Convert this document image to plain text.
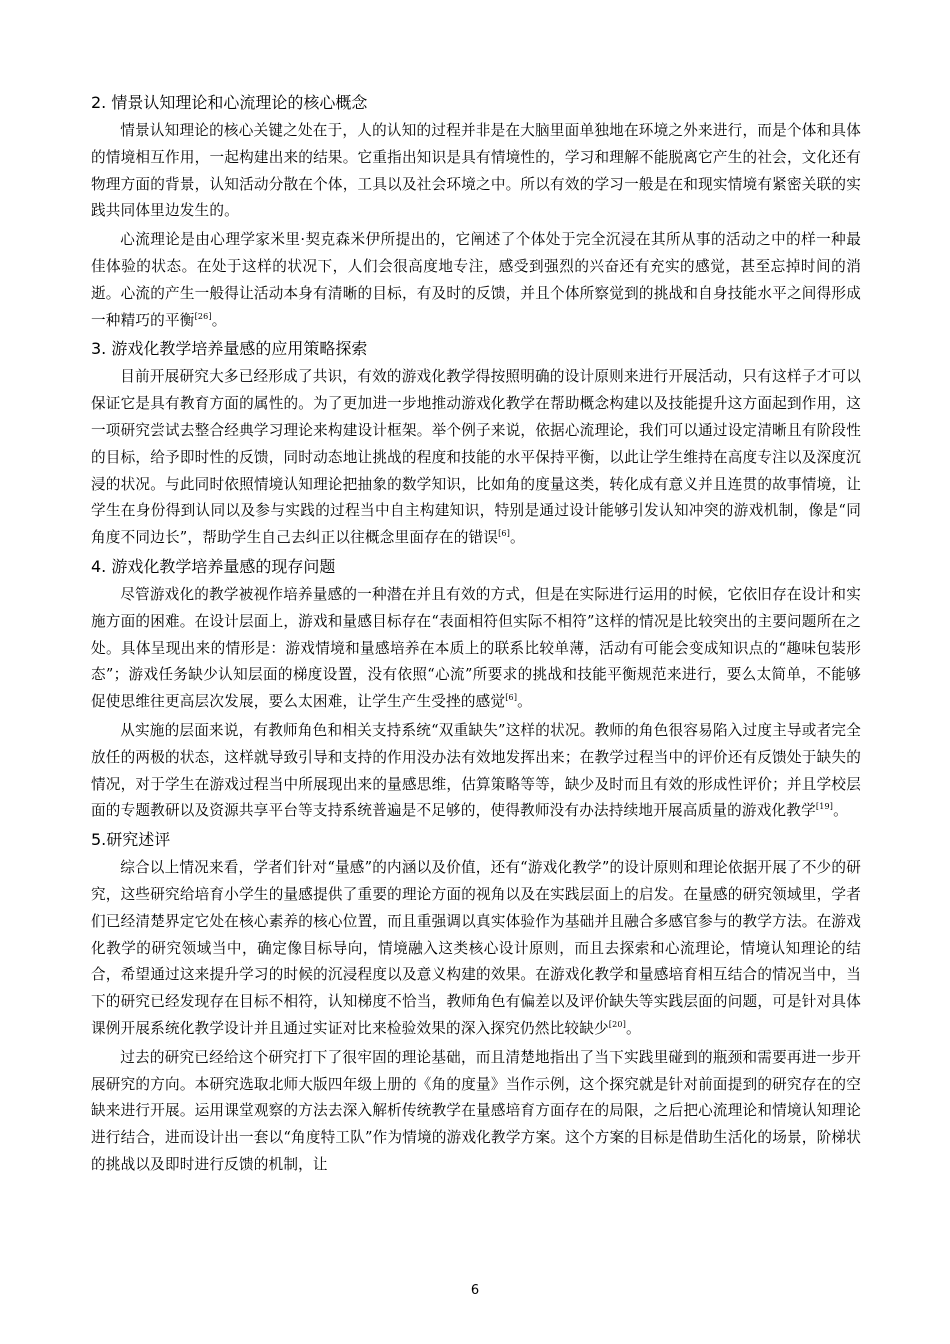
2. 情景认知理论和心流理论的核心概念

情景认知理论的核心关键之处在于，人的认知的过程并非是在大脑里面单独地在环境之外来进行，而是个体和具体的情境相互作用，一起构建出来的结果。它重指出知识是具有情境性的，学习和理解不能脱离它产生的社会，文化还有物理方面的背景，认知活动分散在个体，工具以及社会环境之中。所以有效的学习一般是在和现实情境有紧密关联的实践共同体里边发生的。

心流理论是由心理学家米里·契克森米伊所提出的，它阐述了个体处于完全沉浸在其所从事的活动之中的样一种最佳体验的状态。在处于这样的状况下，人们会很高度地专注，感受到强烈的兴奋还有充实的感觉，甚至忘掉时间的消逝。心流的产生一般得让活动本身有清晰的目标，有及时的反馈，并且个体所察觉到的挑战和自身技能水平之间得形成一种精巧的平衡[26]。

3. 游戏化教学培养量感的应用策略探索

目前开展研究大多已经形成了共识，有效的游戏化教学得按照明确的设计原则来进行开展活动，只有这样子才可以保证它是具有教育方面的属性的。为了更加进一步地推动游戏化教学在帮助概念构建以及技能提升这方面起到作用，这一项研究尝试去整合经典学习理论来构建设计框架。举个例子来说，依据心流理论，我们可以通过设定清晰且有阶段性的目标，给予即时性的反馈，同时动态地让挑战的程度和技能的水平保持平衡，以此让学生维持在高度专注以及深度沉浸的状况。与此同时依照情境认知理论把抽象的数学知识，比如角的度量这类，转化成有意义并且连贯的故事情境，让学生在身份得到认同以及参与实践的过程当中自主构建知识，特别是通过设计能够引发认知冲突的游戏机制，像是“同角度不同边长”，帮助学生自己去纠正以往概念里面存在的错误[6]。

4. 游戏化教学培养量感的现存问题

尽管游戏化的教学被视作培养量感的一种潜在并且有效的方式，但是在实际进行运用的时候，它依旧存在设计和实施方面的困难。在设计层面上，游戏和量感目标存在“表面相符但实际不相符”这样的情况是比较突出的主要问题所在之处。具体呈现出来的情形是：游戏情境和量感培养在本质上的联系比较单薄，活动有可能会变成知识点的“趣味包装形态”；游戏任务缺少认知层面的梯度设置，没有依照“心流”所要求的挑战和技能平衡规范来进行，要么太简单，不能够促使思维往更高层次发展，要么太困难，让学生产生受挫的感觉[6]。

从实施的层面来说，有教师角色和相关支持系统“双重缺失”这样的状况。教师的角色很容易陷入过度主导或者完全放任的两极的状态，这样就导致引导和支持的作用没办法有效地发挥出来；在教学过程当中的评价还有反馈处于缺失的情况，对于学生在游戏过程当中所展现出来的量感思维，估算策略等等，缺少及时而且有效的形成性评价；并且学校层面的专题教研以及资源共享平台等支持系统普遍是不足够的，使得教师没有办法持续地开展高质量的游戏化教学[19]。

5.研究述评

综合以上情况来看，学者们针对“量感”的内涵以及价值，还有“游戏化教学”的设计原则和理论依据开展了不少的研究，这些研究给培育小学生的量感提供了重要的理论方面的视角以及在实践层面上的启发。在量感的研究领域里，学者们已经清楚界定它处在核心素养的核心位置，而且重强调以真实体验作为基础并且融合多感官参与的教学方法。在游戏化教学的研究领域当中，确定像目标导向，情境融入这类核心设计原则，而且去探索和心流理论，情境认知理论的结合，希望通过这来提升学习的时候的沉浸程度以及意义构建的效果。在游戏化教学和量感培育相互结合的情况当中，当下的研究已经发现存在目标不相符，认知梯度不恰当，教师角色有偏差以及评价缺失等实践层面的问题，可是针对具体课例开展系统化教学设计并且通过实证对比来检验效果的深入探究仍然比较缺少[20]。

过去的研究已经给这个研究打下了很牢固的理论基础，而且清楚地指出了当下实践里碰到的瓶颈和需要再进一步开展研究的方向。本研究选取北师大版四年级上册的《角的度量》当作示例，这个探究就是针对前面提到的研究存在的空缺来进行开展。运用课堂观察的方法去深入解析传统教学在量感培育方面存在的局限，之后把心流理论和情境认知理论进行结合，进而设计出一套以“角度特工队”作为情境的游戏化教学方案。这个方案的目标是借助生活化的场景，阶梯状的挑战以及即时进行反馈的机制，让

6
